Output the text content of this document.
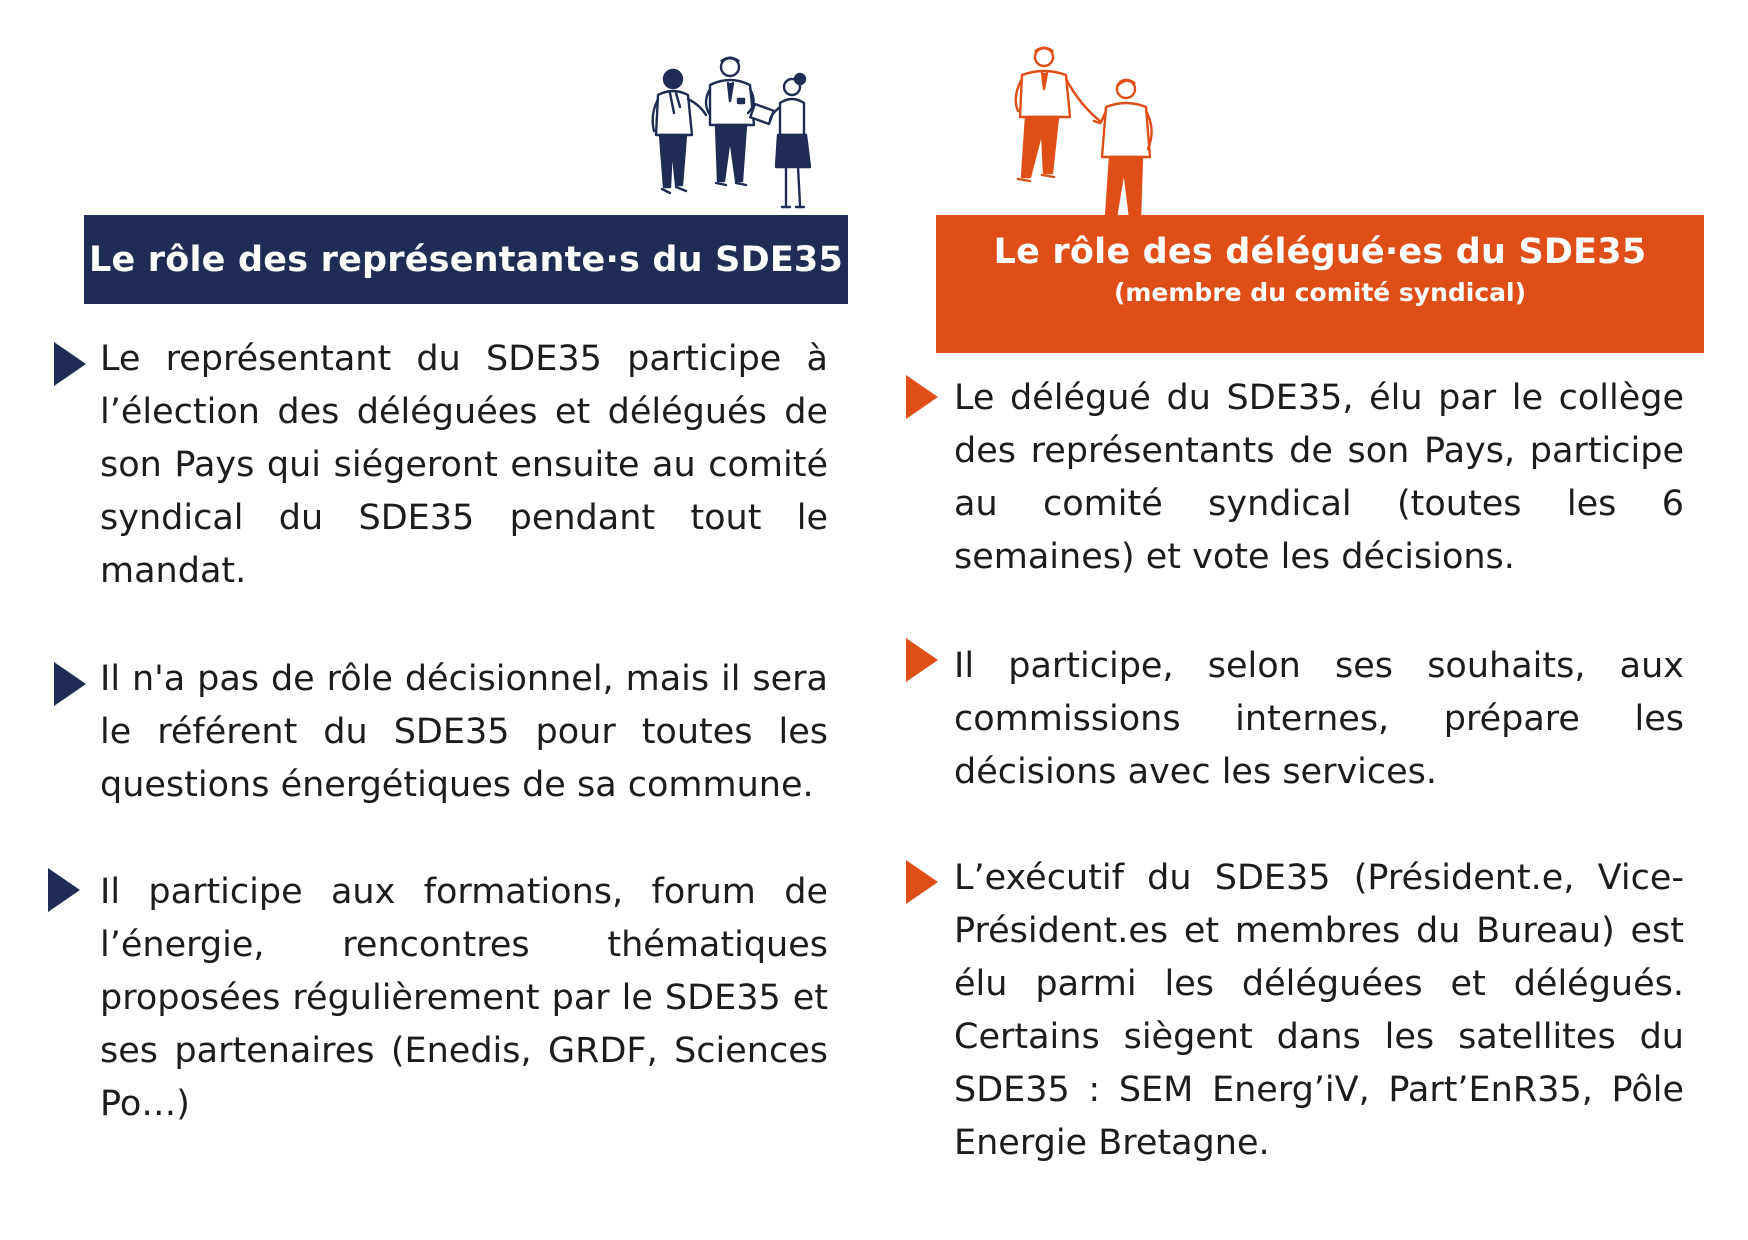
Le rôle des représentante·s du SDE35	Le rôle des délégué·es du SDE35
(membre du comité syndical)

Le représentant du SDE35 participe à l’élection des déléguées et délégués de son Pays qui siégeront ensuite au comité syndical du SDE35 pendant tout le mandat.

Il n'a pas de rôle décisionnel, mais il sera le référent du SDE35 pour toutes les questions énergétiques de sa commune.

Il participe aux formations, forum de l’énergie, rencontres thématiques proposées régulièrement par le SDE35 et ses partenaires (Enedis, GRDF, Sciences Po…)

Le délégué du SDE35, élu par le collège des représentants de son Pays, participe au comité syndical (toutes les 6 semaines) et vote les décisions.

Il participe, selon ses souhaits, aux commissions internes, prépare les décisions avec les services.

L’exécutif du SDE35 (Président.e, Vice-Président.es et membres du Bureau) est élu parmi les déléguées et délégués. Certains siègent dans les satellites du SDE35 : SEM Energ’iV, Part’EnR35, Pôle Energie Bretagne.
